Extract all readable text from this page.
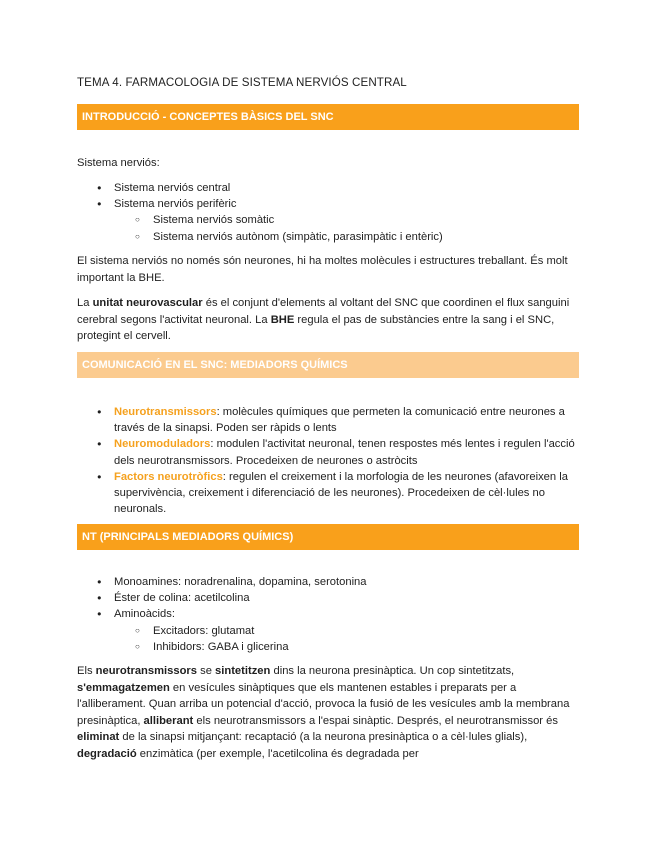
TEMA 4. FARMACOLOGIA DE SISTEMA NERVIÓS CENTRAL
INTRODUCCIÓ - CONCEPTES BÀSICS DEL SNC
Sistema nerviós:
● Sistema nerviós central
● Sistema nerviós perifèric
○ Sistema nerviós somàtic
○ Sistema nerviós autònom (simpàtic, parasimpàtic i entèric)
El sistema nerviós no només són neurones, hi ha moltes molècules i estructures treballant. És molt important la BHE.
La unitat neurovascular és el conjunt d'elements al voltant del SNC que coordinen el flux sanguini cerebral segons l'activitat neuronal. La BHE regula el pas de substàncies entre la sang i el SNC, protegint el cervell.
COMUNICACIÓ EN EL SNC: MEDIADORS QUÍMICS
● Neurotransmissors: molècules químiques que permeten la comunicació entre neurones a través de la sinapsi. Poden ser ràpids o lents
● Neuromoduladors: modulen l'activitat neuronal, tenen respostes més lentes i regulen l'acció dels neurotransmissors. Procedeixen de neurones o astròcits
● Factors neurotròfics: regulen el creixement i la morfologia de les neurones (afavoreixen la supervivència, creixement i diferenciació de les neurones). Procedeixen de cèl·lules no neuronals.
NT (PRINCIPALS MEDIADORS QUÍMICS)
● Monoamines: noradrenalina, dopamina, serotonina
● Éster de colina: acetilcolina
● Aminoàcids:
○ Excitadors: glutamat
○ Inhibidors: GABA i glicerina
Els neurotransmissors se sintetitzen dins la neurona presinàptica. Un cop sintetitzats, s'emmagatzemen en vesícules sinàptiques que els mantenen estables i preparats per a l'alliberament. Quan arriba un potencial d'acció, provoca la fusió de les vesícules amb la membrana presinàptica, alliberant els neurotransmissors a l'espai sinàptic. Després, el neurotransmissor és eliminat de la sinapsi mitjançant: recaptació (a la neurona presinàptica o a cèl·lules glials), degradació enzimàtica (per exemple, l'acetilcolina és degradada per
